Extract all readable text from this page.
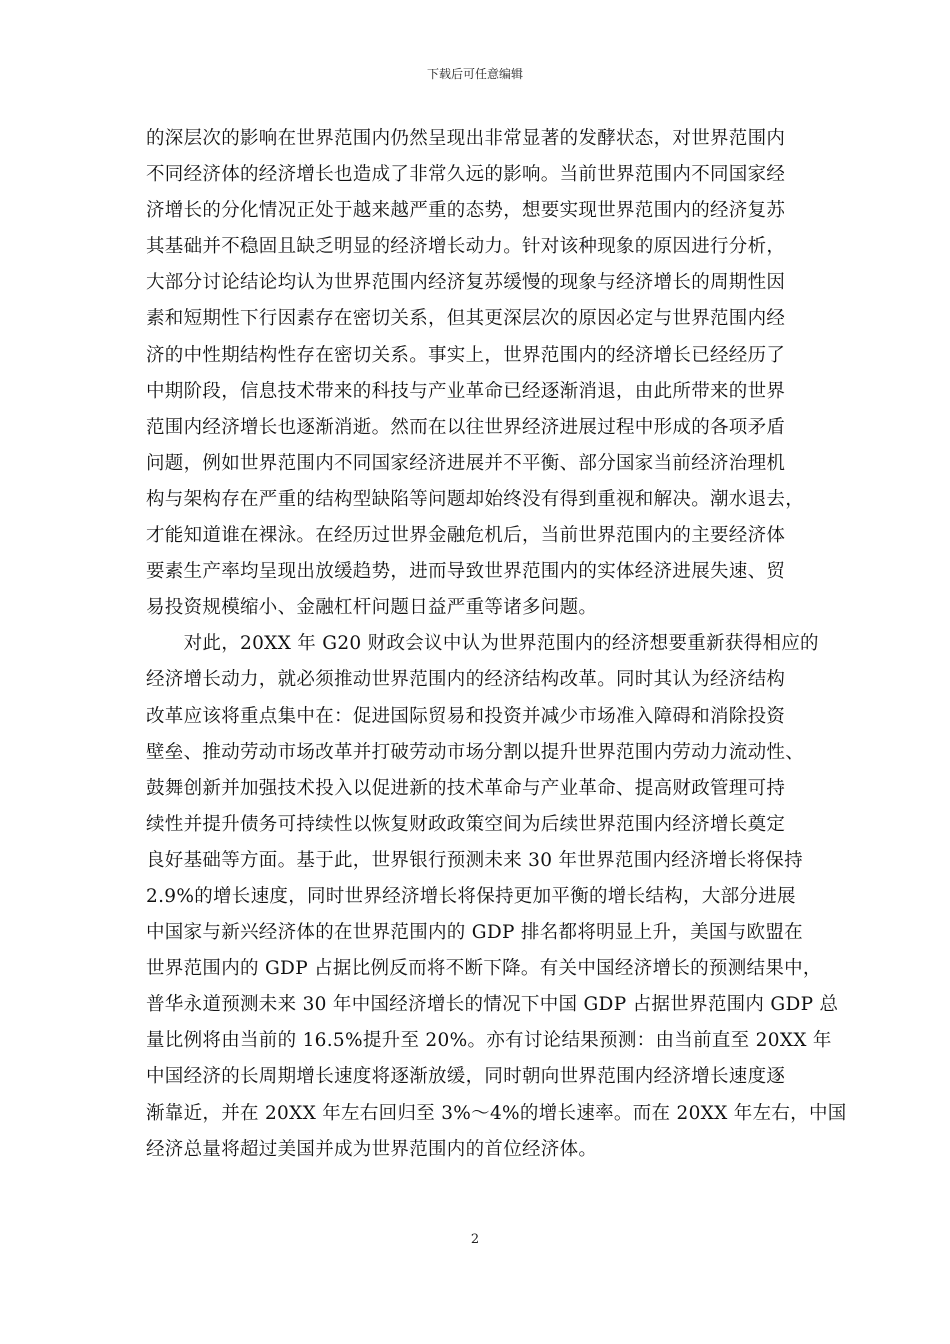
下载后可任意编辑
的深层次的影响在世界范围内仍然呈现出非常显著的发酵状态，对世界范围内
不同经济体的经济增长也造成了非常久远的影响。当前世界范围内不同国家经
济增长的分化情况正处于越来越严重的态势，想要实现世界范围内的经济复苏
其基础并不稳固且缺乏明显的经济增长动力。针对该种现象的原因进行分析，
大部分讨论结论均认为世界范围内经济复苏缓慢的现象与经济增长的周期性因
素和短期性下行因素存在密切关系，但其更深层次的原因必定与世界范围内经
济的中性期结构性存在密切关系。事实上，世界范围内的经济增长已经经历了
中期阶段，信息技术带来的科技与产业革命已经逐渐消退，由此所带来的世界
范围内经济增长也逐渐消逝。然而在以往世界经济进展过程中形成的各项矛盾
问题，例如世界范围内不同国家经济进展并不平衡、部分国家当前经济治理机
构与架构存在严重的结构型缺陷等问题却始终没有得到重视和解决。潮水退去，
才能知道谁在裸泳。在经历过世界金融危机后，当前世界范围内的主要经济体
要素生产率均呈现出放缓趋势，进而导致世界范围内的实体经济进展失速、贸
易投资规模缩小、金融杠杆问题日益严重等诸多问题。
　　对此，20XX 年 G20 财政会议中认为世界范围内的经济想要重新获得相应的
经济增长动力，就必须推动世界范围内的经济结构改革。同时其认为经济结构
改革应该将重点集中在：促进国际贸易和投资并减少市场准入障碍和消除投资
壁垒、推动劳动市场改革并打破劳动市场分割以提升世界范围内劳动力流动性、
鼓舞创新并加强技术投入以促进新的技术革命与产业革命、提高财政管理可持
续性并提升债务可持续性以恢复财政政策空间为后续世界范围内经济增长奠定
良好基础等方面。基于此，世界银行预测未来 30 年世界范围内经济增长将保持
2.9%的增长速度，同时世界经济增长将保持更加平衡的增长结构，大部分进展
中国家与新兴经济体的在世界范围内的 GDP 排名都将明显上升，美国与欧盟在
世界范围内的 GDP 占据比例反而将不断下降。有关中国经济增长的预测结果中，
普华永道预测未来 30 年中国经济增长的情况下中国 GDP 占据世界范围内 GDP 总
量比例将由当前的 16.5%提升至 20%。亦有讨论结果预测：由当前直至 20XX 年
中国经济的长周期增长速度将逐渐放缓，同时朝向世界范围内经济增长速度逐
渐靠近，并在 20XX 年左右回归至 3%～4%的增长速率。而在 20XX 年左右，中国
经济总量将超过美国并成为世界范围内的首位经济体。
2
